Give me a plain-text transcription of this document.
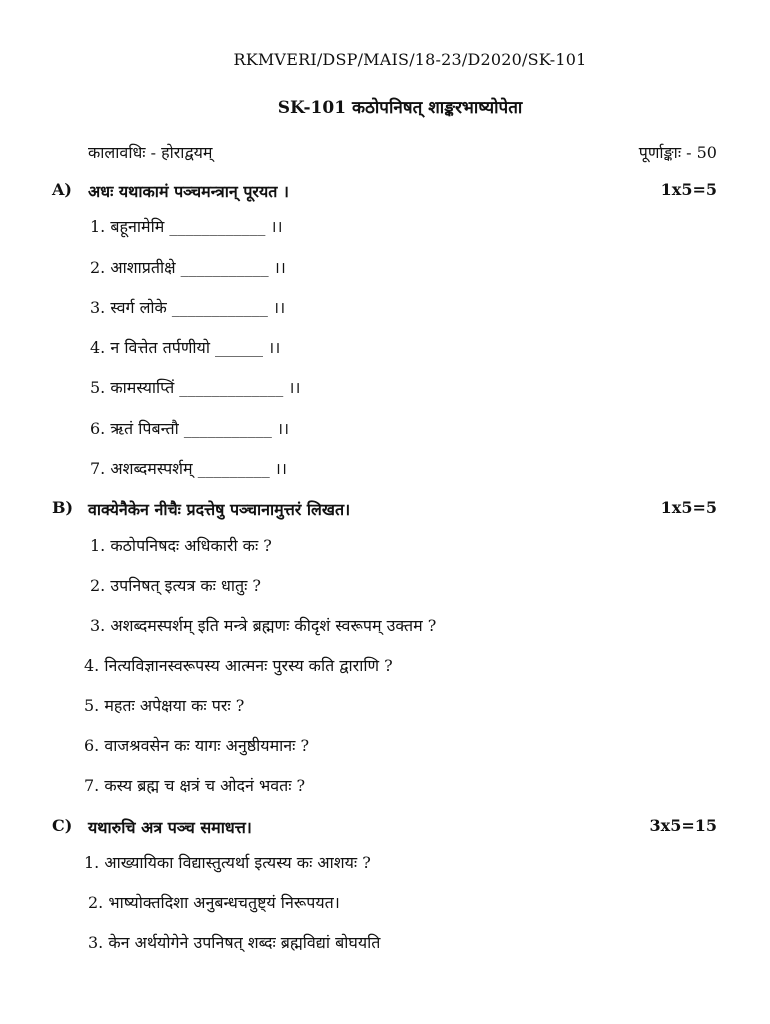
RKMVERI/DSP/MAIS/18-23/D2020/SK-101
SK-101 कठोपनिषत् शाङ्करभाष्योपेता
कालावधिः - होराद्वयम्	पूर्णाङ्काः - 50
A) अधः यथाकामं पञ्चमन्त्रान् पूरयत ।	1x5=5
1. बहूनामेमि ____________ ।।
2. आशाप्रतीक्षे ___________ ।।
3. स्वर्ग लोके ____________ ।।
4. न वित्तेत तर्पणीयो ______ ।।
5. कामस्याप्तिं _____________ ।।
6. ऋतं पिबन्तौ ___________ ।।
7. अशब्दमस्पर्शम् _________ ।।
B) वाक्येनैकेन नीचैः प्रदत्तेषु पञ्चानामुत्तरं लिखत।	1x5=5
1. कठोपनिषदः अधिकारी कः ?
2. उपनिषत् इत्यत्र कः धातुः ?
3. अशब्दमस्पर्शम् इति मन्त्रे ब्रह्मणः कीदृशं स्वरूपम् उक्तम ?
4. नित्यविज्ञानस्वरूपस्य आत्मनः पुरस्य कति द्वाराणि ?
5. महतः अपेक्षया कः परः ?
6. वाजश्रवसेन कः यागः अनुष्ठीयमानः ?
7. कस्य ब्रह्म च क्षत्रं च ओदनं भवतः ?
C) यथारुचि अत्र पञ्च समाधत्त।	3x5=15
1. आख्यायिका विद्यास्तुत्यर्था इत्यस्य कः आशयः ?
2. भाष्योक्तदिशा अनुबन्धचतुष्ट्यं निरूपयत।
3. केन अर्थयोगेने उपनिषत् शब्दः ब्रह्मविद्यां बोघयति
